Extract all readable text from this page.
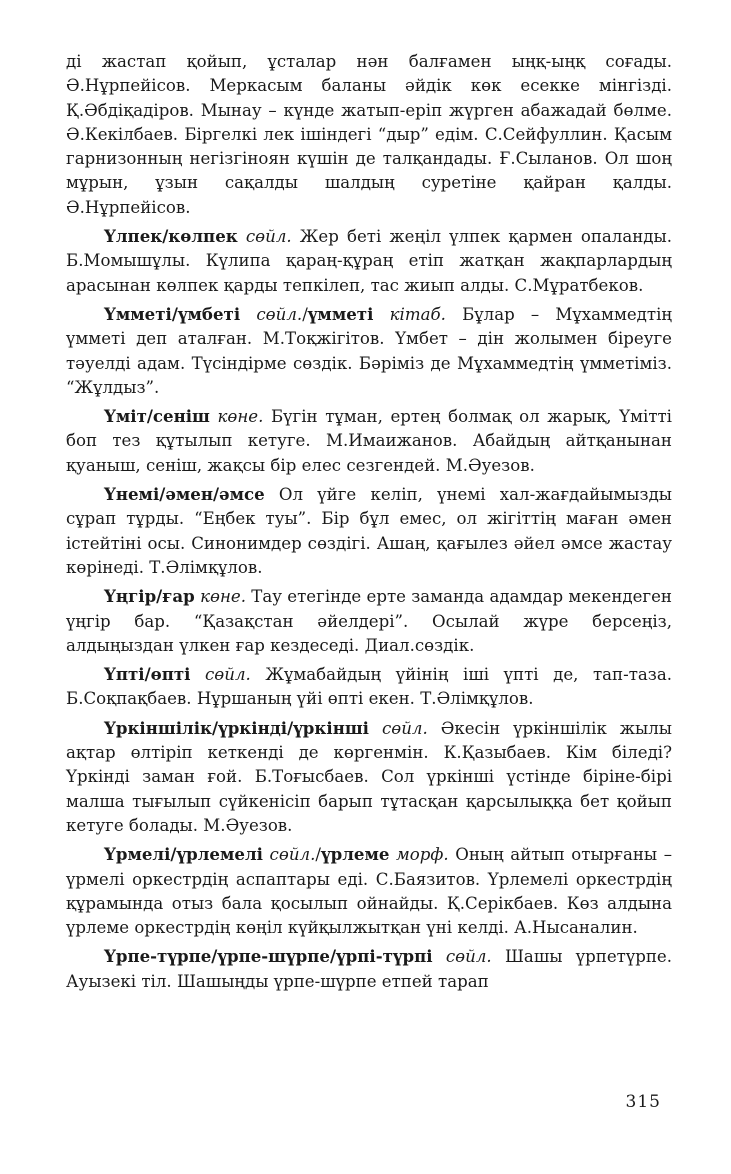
ді жастап қойып, ұсталар нән балғамен ыңқ-ыңқ соғады. Ә.Нұрпейісов. Меркасым баланы әйдік көк есекке мінгізді. Қ.Әбдіқадіров. Мынау – күнде жатып-еріп жүрген абажадай бөлме. Ә.Кекілбаев. Біргелкі лек ішіндегі “дыр” едім. С.Сейфуллин. Қасым гарнизонның негізгіноян күшін де талқандады. Ғ.Сыланов. Ол шоң мұрын, ұзын сақалды шалдың суретіне қайран қалды. Ә.Нұрпейісов.

Үлпек/көлпек сөйл. Жер беті жеңіл үлпек қармен опаланды. Б.Момышұлы. Күлипа қараң-құраң етіп жатқан жақпарлардың арасынан көлпек қарды тепкілеп, тас жиып алды. С.Мұратбеков.

Үмметі/үмбеті сөйл./үмметі кітаб. Бұлар – Мұхаммедтің үмметі деп аталған. М.Тоқжігітов. Үмбет – дін жолымен біреуге тәуелді адам. Түсіндірме сөздік. Бәріміз де Мұхаммедтің үмметіміз. “Жұлдыз”.

Үміт/сеніш көне. Бүгін тұман, ертең болмақ ол жарық, Үмітті боп тез құтылып кетуге. М.Имаижанов. Абайдың айтқанынан қуаныш, сеніш, жақсы бір елес сезгендей. М.Әуезов.

Үнемі/әмен/әмсе Ол үйге келіп, үнемі хал-жағдайымызды сұрап тұрды. “Еңбек туы”. Бір бұл емес, ол жігіттің маған әмен істейтіні осы. Синонимдер сөздігі. Ашаң, қағылез әйел әмсе жастау көрінеді. Т.Әлімқұлов.

Үңгір/ғар көне. Тау етегінде ерте заманда адамдар мекендеген үңгір бар. “Қазақстан әйелдері”. Осылай жүре берсеңіз, алдыңыздан үлкен ғар кездеседі. Диал.сөздік.

Үпті/өпті сөйл. Жұмабайдың үйінің іші үпті де, тап-таза. Б.Соқпақбаев. Нұршаның үйі өпті екен. Т.Әлімқұлов.

Үркіншілік/үркінді/үркінші сөйл. Әкесін үркіншілік жылы ақтар өлтіріп кеткенді де көргенмін. К.Қазыбаев. Кім біледі? Үркінді заман ғой. Б.Тоғысбаев. Сол үркінші үстінде біріне-бірі малша тығылып сүйкенісіп барып тұтасқан қарсылыққа бет қойып кетуге болады. М.Әуезов.

Үрмелі/үрлемелі сөйл./үрлеме морф. Оның айтып отырғаны – үрмелі оркестрдің аспаптары еді. С.Баязитов. Үрлемелі оркестрдің құрамында отыз бала қосылып ойнайды. Қ.Серікбаев. Көз алдына үрлеме оркестрдің көңіл күйқылжытқан үні келді. А.Нысаналин.

Үрпе-түрпе/үрпе-шүрпе/үрпі-түрпі сөйл. Шашы үрпетүрпе. Ауызекі тіл. Шашыңды үрпе-шүрпе етпей тарап

315
